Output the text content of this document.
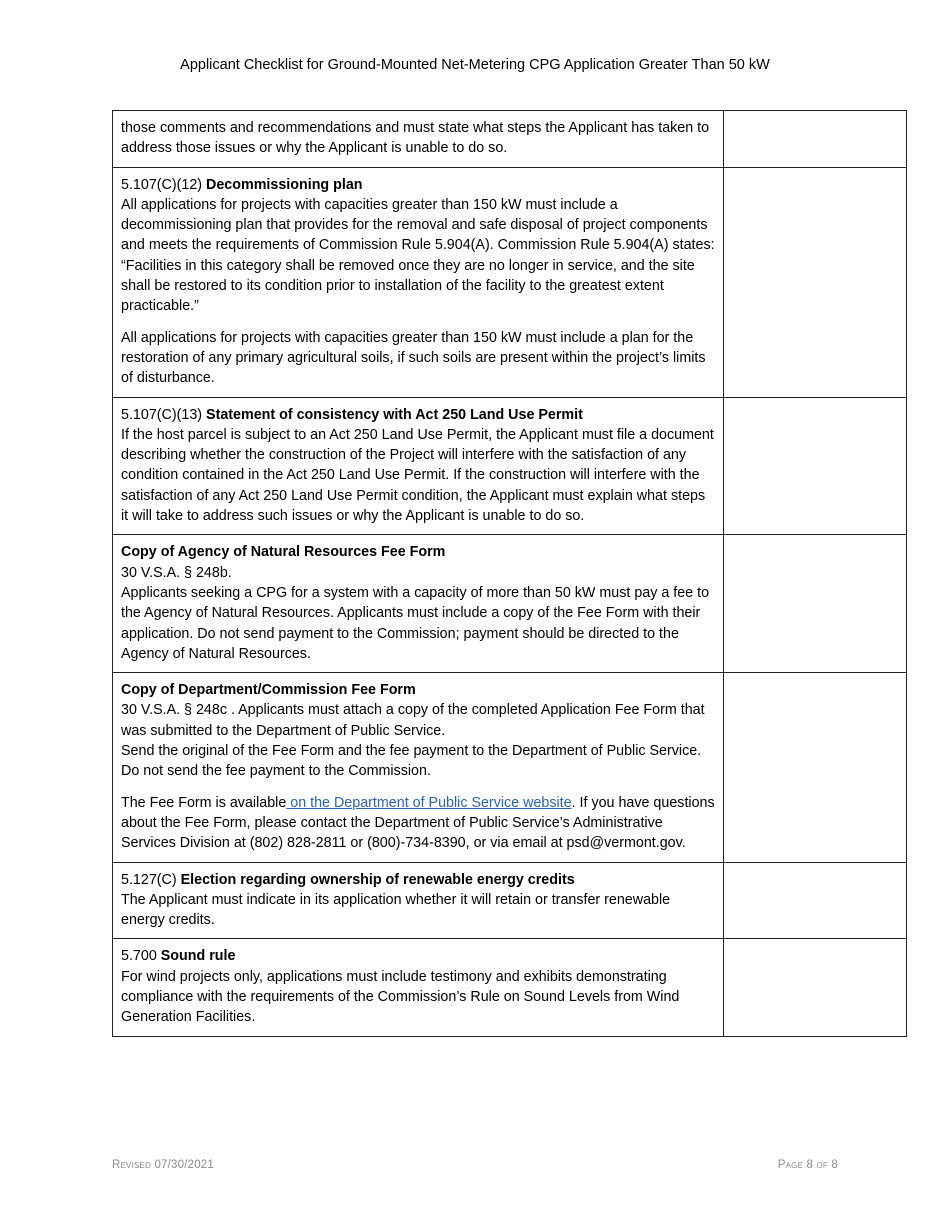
Applicant Checklist for Ground-Mounted Net-Metering CPG Application Greater Than 50 kW

those comments and recommendations and must state what steps the Applicant has taken to address those issues or why the Applicant is unable to do so.	

5.107(C)(12) Decommissioning plan

All applications for projects with capacities greater than 150 kW must include a decommissioning plan that provides for the removal and safe disposal of project components and meets the requirements of Commission Rule 5.904(A). Commission Rule 5.904(A) states: “Facilities in this category shall be removed once they are no longer in service, and the site shall be restored to its condition prior to installation of the facility to the greatest extent practicable.”

All applications for projects with capacities greater than 150 kW must include a plan for the restoration of any primary agricultural soils, if such soils are present within the project’s limits of disturbance.	

5.107(C)(13) Statement of consistency with Act 250 Land Use Permit

If the host parcel is subject to an Act 250 Land Use Permit, the Applicant must file a document describing whether the construction of the Project will interfere with the satisfaction of any condition contained in the Act 250 Land Use Permit. If the construction will interfere with the satisfaction of any Act 250 Land Use Permit condition, the Applicant must explain what steps it will take to address such issues or why the Applicant is unable to do so.	

Copy of Agency of Natural Resources Fee Form

30 V.S.A. § 248b.

Applicants seeking a CPG for a system with a capacity of more than 50 kW must pay a fee to the Agency of Natural Resources. Applicants must include a copy of the Fee Form with their application. Do not send payment to the Commission; payment should be directed to the Agency of Natural Resources.	

Copy of Department/Commission Fee Form

30 V.S.A. § 248c . Applicants must attach a copy of the completed Application Fee Form that was submitted to the Department of Public Service.

Send the original of the Fee Form and the fee payment to the Department of Public Service. Do not send the fee payment to the Commission.

The Fee Form is available on the Department of Public Service website. If you have questions about the Fee Form, please contact the Department of Public Service’s Administrative Services Division at (802) 828-2811 or (800)-734-8390, or via email at psd@vermont.gov.	

5.127(C) Election regarding ownership of renewable energy credits

The Applicant must indicate in its application whether it will retain or transfer renewable energy credits.	

5.700 Sound rule

For wind projects only, applications must include testimony and exhibits demonstrating compliance with the requirements of the Commission’s Rule on Sound Levels from Wind Generation Facilities.	

Revised 07/30/2021	Page 8 of 8
